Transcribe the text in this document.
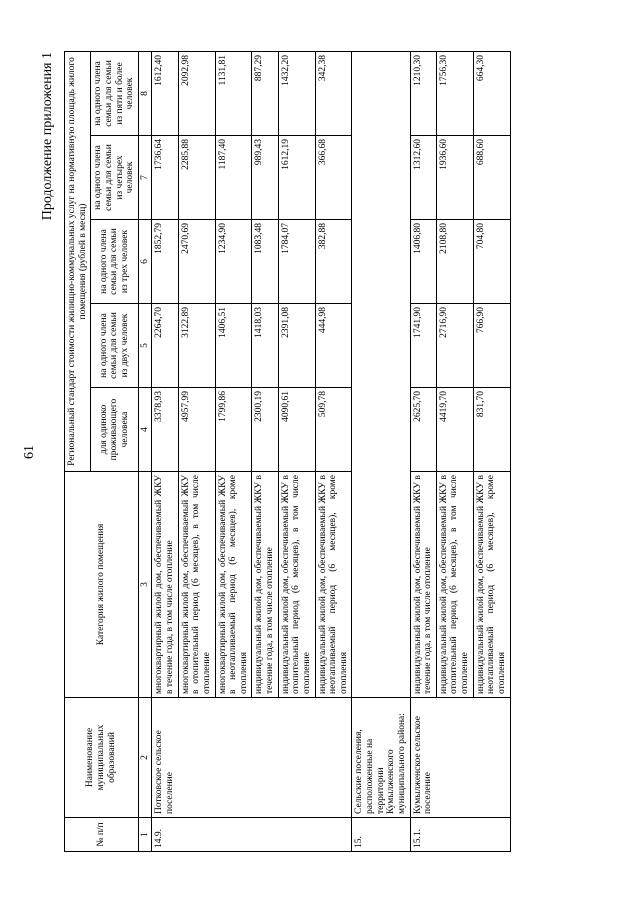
61
Продолжение приложения 1
№ п/п	Наименование муниципальных образований	Категория жилого помещения	Региональный стандарт стоимости жилищно-коммунальных услуг на нормативную площадь жилого помещения (рублей в месяц)				
			для одиноко проживающего человека	на одного члена семьи для семьи из двух человек	на одного члена семьи для семьи из трех человек	на одного члена семьи для семьи из четырех человек	на одного члена семьи для семьи из пяти и более человек
1	2	3	4	5	6	7	8
14.9.	Потковское сельское поселение	многоквартирный жилой дом, обеспечиваемый ЖКУ в течение года, в том числе отопление	3378,93	2264,70	1852,79	1736,64	1612,40
		многоквартирный жилой дом, обеспечиваемый ЖКУ в отопительный период (6 месяцев), в том числе отопление	4957,99	3122,89	2470,69	2285,88	2092,98
		многоквартирный жилой дом, обеспечиваемый ЖКУ в неотапливаемый период (6 месяцев), кроме отопления	1799,86	1406,51	1234,90	1187,40	1131,81
		индивидуальный жилой дом, обеспечиваемый ЖКУ в течение года, в том числе отопление	2300,19	1418,03	1083,48	989,43	887,29
		индивидуальный жилой дом, обеспечиваемый ЖКУ в отопительный период (6 месяцев), в том числе отопление	4090,61	2391,08	1784,07	1612,19	1432,20
		индивидуальный жилой дом, обеспечиваемый ЖКУ в неотапливаемый период (6 месяцев), кроме отопления	509,78	444,98	382,88	366,68	342,38
15.	Сельские поселения, расположенные на территории Кумылженского муниципального района:						
15.1.	Кумылженское сельское поселение	индивидуальный жилой дом, обеспечиваемый ЖКУ в течение года, в том числе отопление	2625,70	1741,90	1406,80	1312,60	1210,30
		индивидуальный жилой дом, обеспечиваемый ЖКУ в отопительный период (6 месяцев), в том числе отопление	4419,70	2716,90	2108,80	1936,60	1756,30
		индивидуальный жилой дом, обеспечиваемый ЖКУ в неотапливаемый период (6 месяцев), кроме отопления	831,70	766,90	704,80	688,60	664,30
